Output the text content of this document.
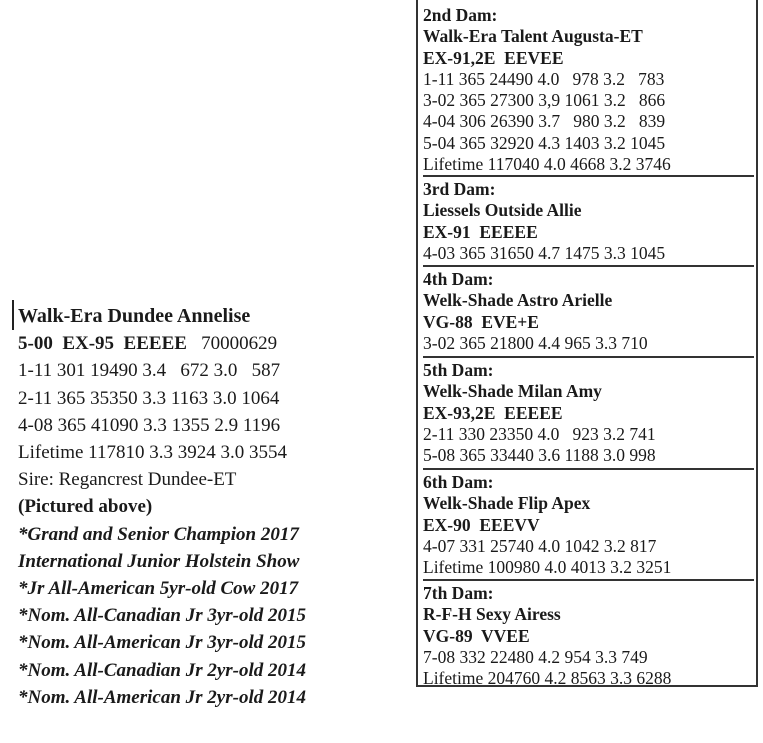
Walk-Era Dundee Annelise
5-00  EX-95  EEEEE 70000629
1-11 301 19490 3.4   672 3.0   587
2-11 365 35350 3.3 1163 3.0 1064
4-08 365 41090 3.3 1355 2.9 1196
Lifetime 117810 3.3 3924 3.0 3554
Sire: Regancrest Dundee-ET
(Pictured above)
*Grand and Senior Champion 2017
International Junior Holstein Show
*Jr All-American 5yr-old Cow 2017
*Nom. All-Canadian Jr 3yr-old 2015
*Nom. All-American Jr 3yr-old 2015
*Nom. All-Canadian Jr 2yr-old 2014
*Nom. All-American Jr 2yr-old 2014
2nd Dam:
Walk-Era Talent Augusta-ET
EX-91,2E  EEVEE
1-11 365 24490 4.0   978 3.2   783
3-02 365 27300 3,9 1061 3.2   866
4-04 306 26390 3.7   980 3.2   839
5-04 365 32920 4.3 1403 3.2 1045
Lifetime 117040 4.0 4668 3.2 3746
3rd Dam:
Liessels Outside Allie
EX-91  EEEEE
4-03 365 31650 4.7 1475 3.3 1045
4th Dam:
Welk-Shade Astro Arielle
VG-88  EVE+E
3-02 365 21800 4.4 965 3.3 710
5th Dam:
Welk-Shade Milan Amy
EX-93,2E  EEEEE
2-11 330 23350 4.0   923 3.2 741
5-08 365 33440 3.6 1188 3.0 998
6th Dam:
Welk-Shade Flip Apex
EX-90  EEEVV
4-07 331 25740 4.0 1042 3.2 817
Lifetime 100980 4.0 4013 3.2 3251
7th Dam:
R-F-H Sexy Airess
VG-89  VVEE
7-08 332 22480 4.2 954 3.3 749
Lifetime 204760 4.2 8563 3.3 6288
